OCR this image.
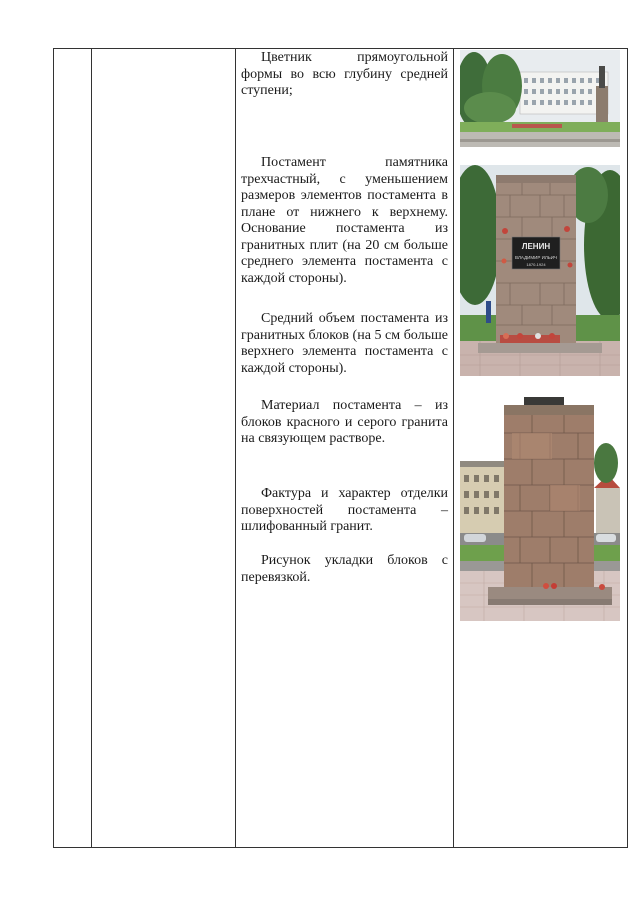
Цветник прямоугольной формы во всю глубину средней ступени;

Постамент памятника трехчастный, с уменьшением размеров элементов постамента в плане от нижнего к верхнему. Основание постамента из гранитных плит (на 20 см больше среднего элемента постамента с каждой стороны).

Средний объем постамента из гранитных блоков (на 5 см больше верхнего элемента постамента с каждой стороны).

Материал постамента – из блоков красного и серого гранита на связующем растворе.

Фактура и характер отделки поверхностей постамента – шлифованный гранит.

Рисунок укладки блоков с перевязкой.

ЛЕНИН
ВЛАДИМИР ИЛЬИЧ
1870-1924
